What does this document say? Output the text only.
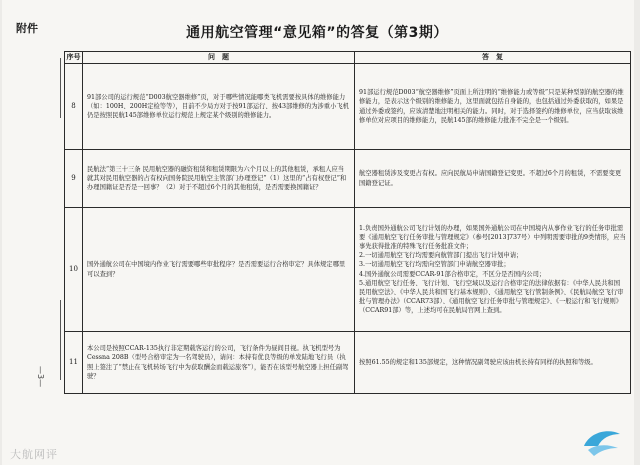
附件	通用航空管理“意见箱”的答复（第3期）
序号	问　题	答　复
8	91部公司的运行规范“D003航空器维修”页，对于哪些情况能哪类飞机需要按具体的维修能力（如：100H、200H定检等等），目前不少局方对于按91部运行、按43部维修的为涉重小飞机仍是按照民航145部维修单位运行规范上规定某个级别的维修能力。	91部运行规范D003“航空器维修”页面上所注明的“维修能力或等级”只是某种型别的航空器的维修能力，是表示这个级别的维修能力，这里面就包括自身能的，也包括通过外委获取的，如果是通过外委或签约，应该清楚地注明相关的能力。同时，对于选择签约的维修单位，应当获取该维修单位对应项目的维修能力，民航145部的维修能力批准不完全是一个级别。
9	民航法“第三十三条 民用航空器的融资租赁和租赁期限为六个月以上的其他租赁，承租人应当就其对民用航空器的占有权向国务院民用航空主管部门办理登记”（1）这里的“占有权登记”和办理国籍证是否是一回事？（2）对于不超过6个月的其他租赁，是否需要换国籍证？	航空器租赁涉及变更占有权。应向民航局申请国籍登记变更。不超过6个月的租赁，不需要变更国籍登记证。
10	国外通航公司在中国境内作业飞行需要哪些审批程序？是否需要运行合格审定？具体规定哪里可以查到？	1.负责国外通航公司飞行计划的办理，如果国外通航公司在中国境内从事作业飞行的任务审批需要《通用航空飞行任务审批与管理规定》（参号[2013]737号）中列明需要审批的9类情形，应当事先获得批准的特殊飞行任务批准文件；
2.一切通用航空飞行均需要向航管部门提出飞行计划申请；
3.一切通用航空飞行均需向空管部门申请航空器审批；
4.国外通航公司需要CCAR-91部合格审定，不区分是否国内公司；
5.通用航空飞行任务、飞行计划、飞行空域以及运行合格审定的法律依据有：《中华人民共和国民用航空法》、《中华人民共和国飞行基本规则》、《通用航空飞行管制条例》、《民航局航空飞行审批与管理办法》（CCAR73部）、《通用航空飞行任务审批与管理规定》、《一般运行和飞行规则》（CCAR91部）等，上述均可在民航局官网上查到。

11	本公司是按照CCAR-135执行非定期载客运行的公司，飞行条件为昼间目视。执飞机型号为Cessna 208B（型号合格审定为一名驾驶员），请问：本持有优良等级的单发陆地飞行员（执照上签注了“禁止在飞机转场飞行中为获取酬金而载运旅客”），能否在该型号航空器上担任副驾驶？	按照61.55的规定和135部规定，这种情况副驾驶应该由机长持有同样的执照和等级。
—3—
大航网评
